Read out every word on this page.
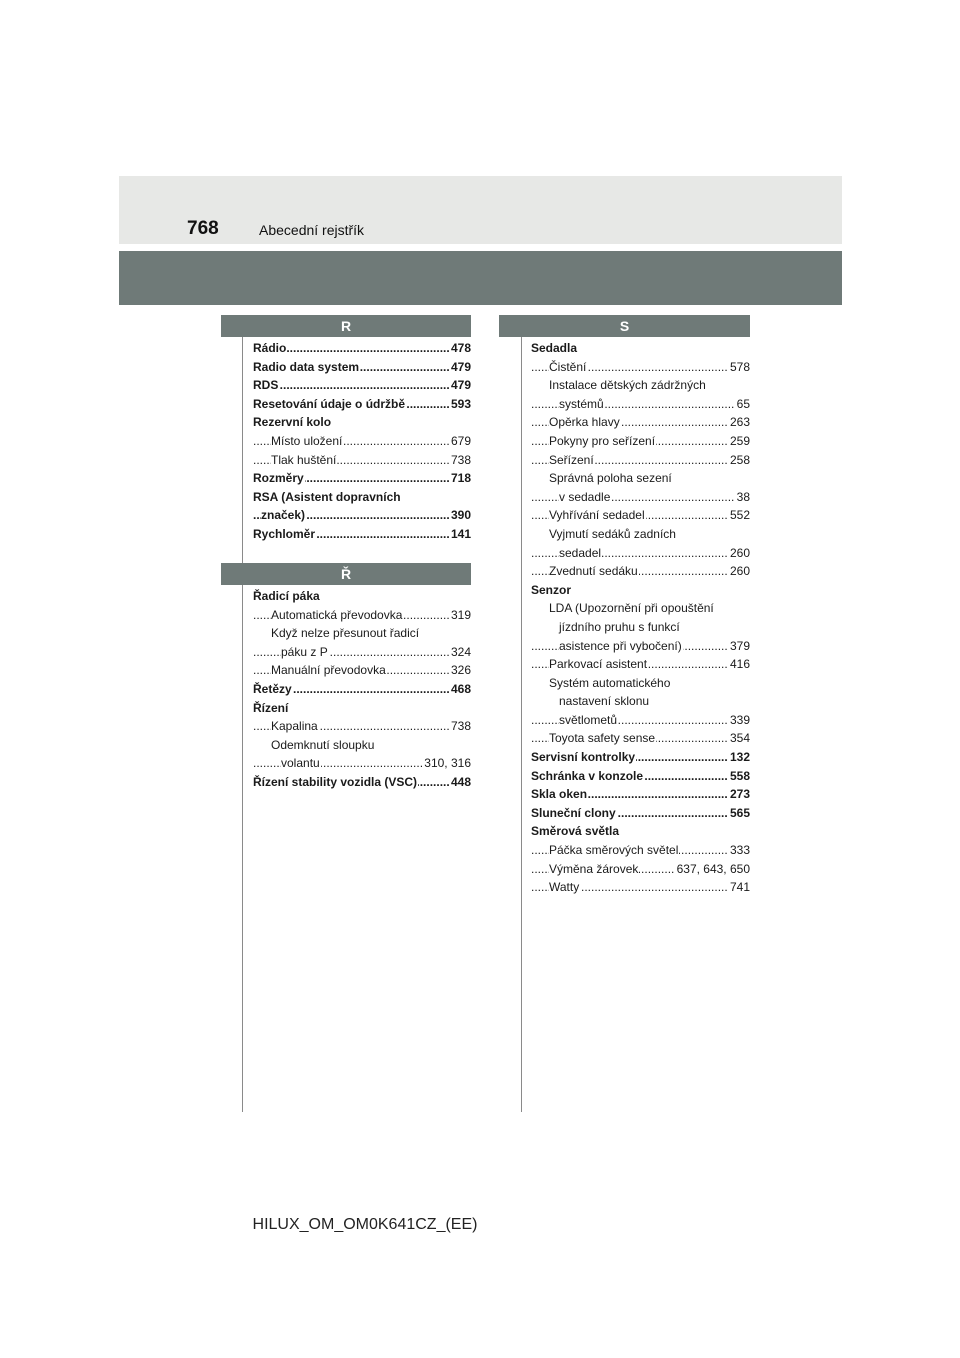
768	Abecední rejstřík
R
Rádio	478
.....
Radio data system	479
.....
RDS	479
.....
Resetování údaje o údržbě	593
.....
Rezervní kolo
Místo uložení	679
.....
Tlak huštění	738
.....
Rozměry	718
.....
RSA (Asistent dopravních
značek)	390
.....
Rychloměr	141
.....
Ř
Řadicí páka
Automatická převodovka	319
.....
Když nelze přesunout řadicí
páku z P	324
.....
Manuální převodovka	326
.....
Řetězy	468
.....
Řízení
Kapalina	738
.....
Odemknutí sloupku
volantu	310, 316
.....
Řízení stability vozidla (VSC)	448
.....
S
Sedadla
Čistění	578
.....
Instalace dětských zádržných
systémů	65
.....
Opěrka hlavy	263
.....
Pokyny pro seřízení	259
.....
Seřízení	258
.....
Správná poloha sezení
v sedadle	38
.....
Vyhřívání sedadel	552
.....
Vyjmutí sedáků zadních
sedadel	260
.....
Zvednutí sedáku	260
.....
Senzor
LDA (Upozornění při opouštění
jízdního pruhu s funkcí
asistence při vybočení)	379
.....
Parkovací asistent	416
.....
Systém automatického
nastavení sklonu
světlometů	339
.....
Toyota safety sense	354
.....
Servisní kontrolky	132
.....
Schránka v konzole	558
.....
Skla oken	273
.....
Sluneční clony	565
.....
Směrová světla
Páčka směrových světel	333
.....
Výměna žárovek	637, 643, 650
.....
Watty	741
.....
HILUX_OM_OM0K641CZ_(EE)
